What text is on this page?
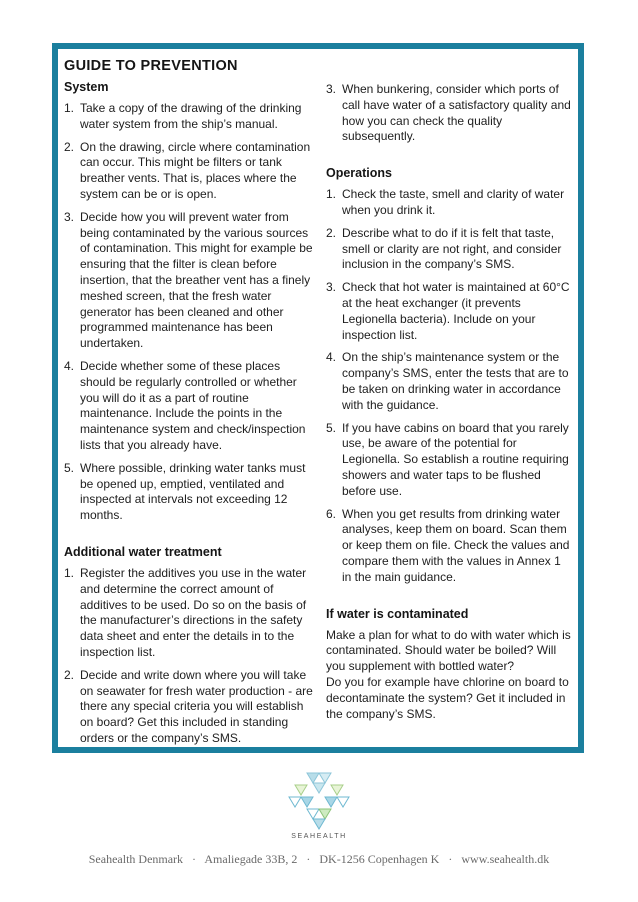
GUIDE TO PREVENTION
System
1. Take a copy of the drawing of the drinking water system from the ship’s manual.
2. On the drawing, circle where contamination can occur. This might be filters or tank breather vents. That is, places where the system can be or is open.
3. Decide how you will prevent water from being contaminated by the various sources of contamination. This might for example be ensuring that the filter is clean before insertion, that the breather vent has a finely meshed screen, that the fresh water generator has been cleaned and other programmed maintenance has been undertaken.
4. Decide whether some of these places should be regularly controlled or whether you will do it as a part of routine maintenance. Include the points in the maintenance system and check/inspection lists that you already have.
5. Where possible, drinking water tanks must be opened up, emptied, ventilated and inspected at intervals not exceeding 12 months.
Additional water treatment
1. Register the additives you use in the water and determine the correct amount of additives to be used. Do so on the basis of the manufacturer’s directions in the safety data sheet and enter the details in to the inspection list.
2. Decide and write down where you will take on seawater for fresh water production - are there any special criteria you will establish on board? Get this included in standing orders or the company’s SMS.
3. When bunkering, consider which ports of call have water of a satisfactory quality and how you can check the quality subsequently.
Operations
1. Check the taste, smell and clarity of water when you drink it.
2. Describe what to do if it is felt that taste, smell or clarity are not right, and consider inclusion in the company’s SMS.
3. Check that hot water is maintained at 60°C at the heat exchanger (it prevents Legionella bacteria). Include on your inspection list.
4. On the ship’s maintenance system or the company’s SMS, enter the tests that are to be taken on drinking water in accordance with the guidance.
5. If you have cabins on board that you rarely use, be aware of the potential for Legionella. So establish a routine requiring showers and water taps to be flushed before use.
6. When you get results from drinking water analyses, keep them on board. Scan them or keep them on file. Check the values and compare them with the values in Annex 1 in the main guidance.
If water is contaminated

Make a plan for what to do with water which is contaminated. Should water be boiled? Will you supplement with bottled water?

Do you for example have chlorine on board to decontaminate the system? Get it included in the company’s SMS.

SEAHEALTH
Seahealth Denmark · Amaliegade 33B, 2 · DK-1256 Copenhagen K · www.seahealth.dk
